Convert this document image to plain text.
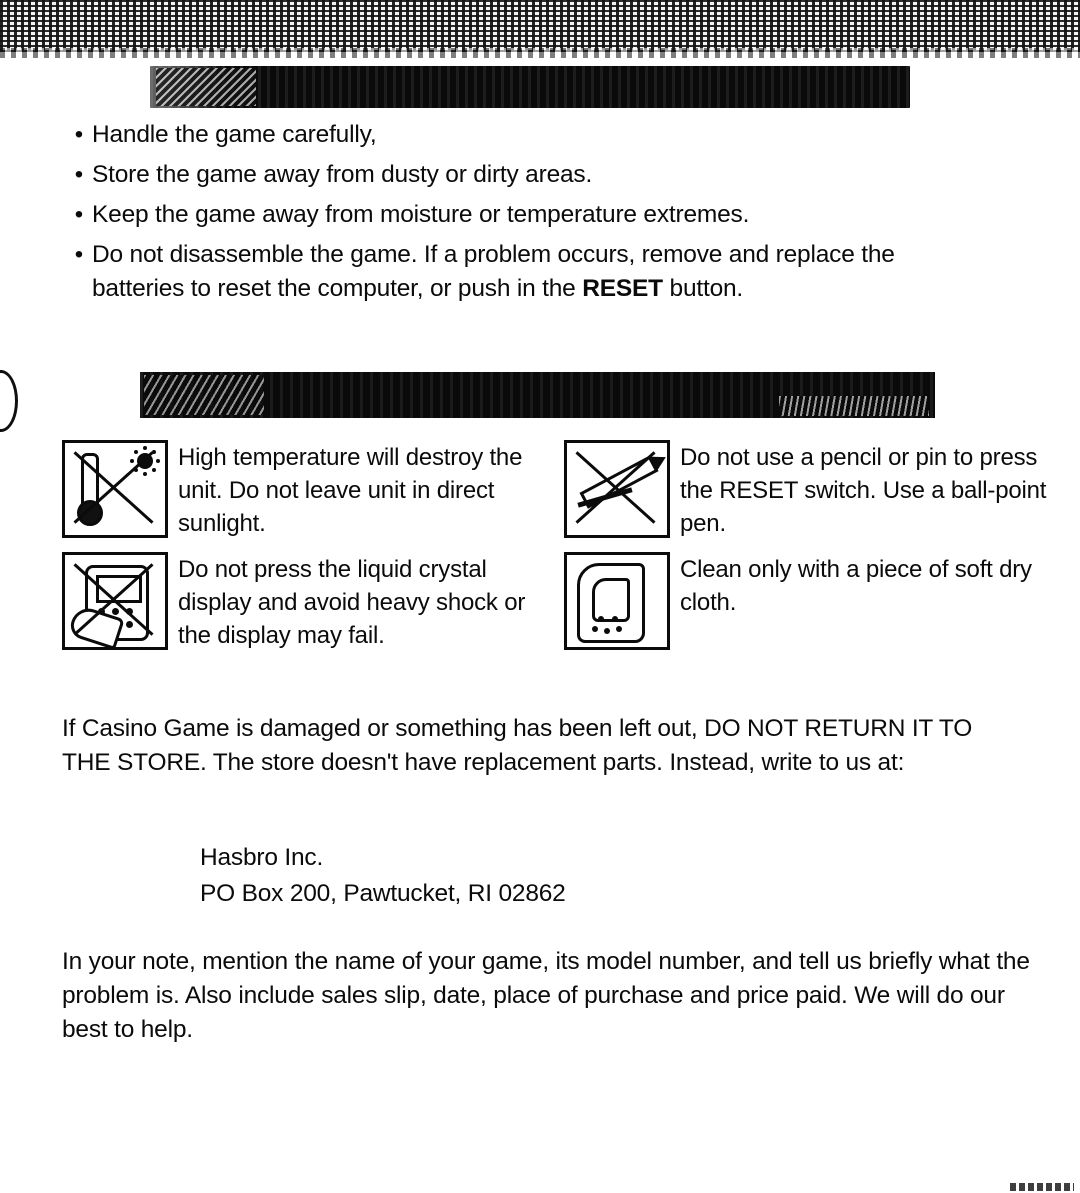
• Handle the game carefully,
• Store the game away from dusty or dirty areas.
• Keep the game away from moisture or temperature extremes.
• Do not disassemble the game. If a problem occurs, remove and replace the batteries to reset the computer, or push in the RESET button.
High temperature will destroy the unit. Do not leave unit in direct sunlight.
Do not use a pencil or pin to press the RESET switch. Use a ball-point pen.
Do not press the liquid crystal display and avoid heavy shock or the display may fail.
Clean only with a piece of soft dry cloth.
If Casino Game is damaged or something has been left out, DO NOT RETURN IT TO THE STORE. The store doesn't have replacement parts. Instead, write to us at:
Hasbro Inc.
PO Box 200, Pawtucket, RI 02862
In your note, mention the name of your game, its model number, and tell us briefly what the problem is. Also include sales slip, date, place of purchase and price paid. We will do our best to help.
